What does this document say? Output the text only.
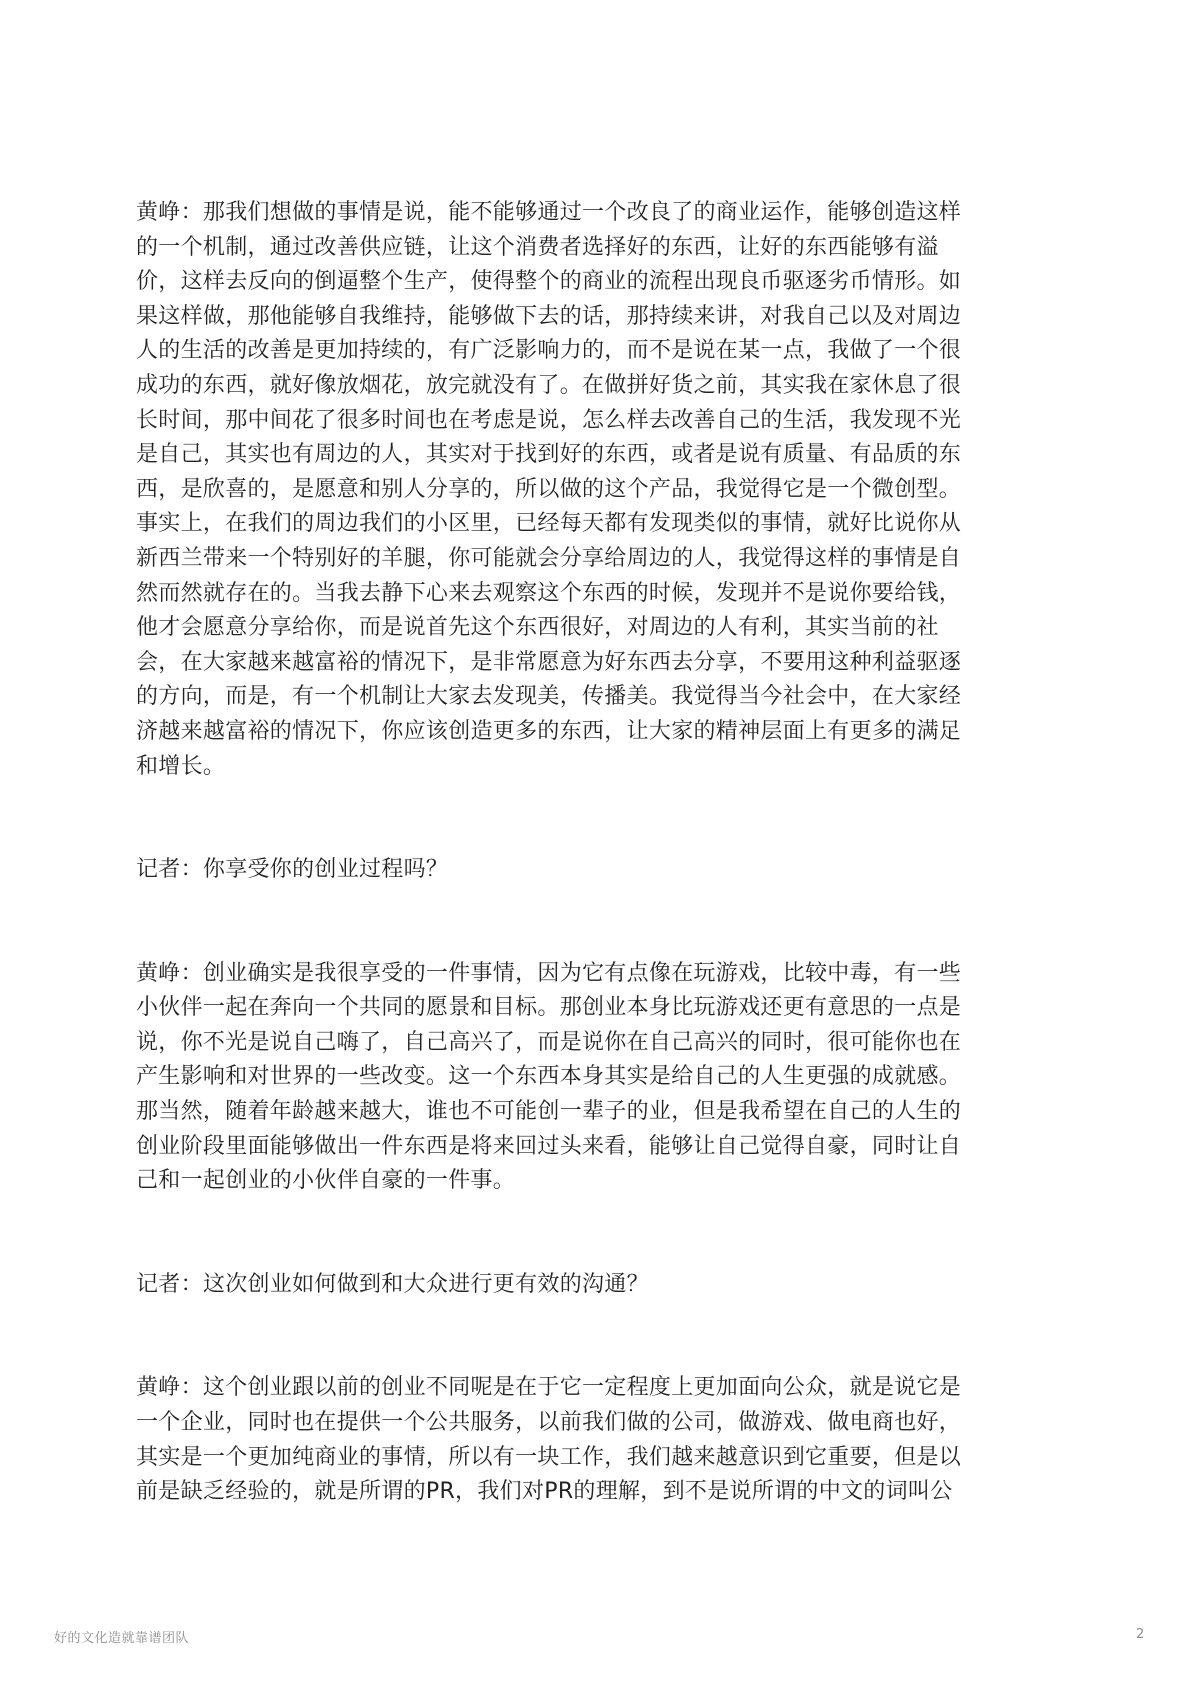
黄峥：那我们想做的事情是说，能不能够通过一个改良了的商业运作，能够创造这样
的一个机制，通过改善供应链，让这个消费者选择好的东西，让好的东西能够有溢
价，这样去反向的倒逼整个生产，使得整个的商业的流程出现良币驱逐劣币情形。如
果这样做，那他能够自我维持，能够做下去的话，那持续来讲，对我自己以及对周边
人的生活的改善是更加持续的，有广泛影响力的，而不是说在某一点，我做了一个很
成功的东西，就好像放烟花，放完就没有了。在做拼好货之前，其实我在家休息了很
长时间，那中间花了很多时间也在考虑是说，怎么样去改善自己的生活，我发现不光
是自己，其实也有周边的人，其实对于找到好的东西，或者是说有质量、有品质的东
西，是欣喜的，是愿意和别人分享的，所以做的这个产品，我觉得它是一个微创型。
事实上，在我们的周边我们的小区里，已经每天都有发现类似的事情，就好比说你从
新西兰带来一个特别好的羊腿，你可能就会分享给周边的人，我觉得这样的事情是自
然而然就存在的。当我去静下心来去观察这个东西的时候，发现并不是说你要给钱，
他才会愿意分享给你，而是说首先这个东西很好，对周边的人有利，其实当前的社
会，在大家越来越富裕的情况下，是非常愿意为好东西去分享，不要用这种利益驱逐
的方向，而是，有一个机制让大家去发现美，传播美。我觉得当今社会中，在大家经
济越来越富裕的情况下，你应该创造更多的东西，让大家的精神层面上有更多的满足
和增长。
记者：你享受你的创业过程吗？
黄峥：创业确实是我很享受的一件事情，因为它有点像在玩游戏，比较中毒，有一些
小伙伴一起在奔向一个共同的愿景和目标。那创业本身比玩游戏还更有意思的一点是
说，你不光是说自己嗨了，自己高兴了，而是说你在自己高兴的同时，很可能你也在
产生影响和对世界的一些改变。这一个东西本身其实是给自己的人生更强的成就感。
那当然，随着年龄越来越大，谁也不可能创一辈子的业，但是我希望在自己的人生的
创业阶段里面能够做出一件东西是将来回过头来看，能够让自己觉得自豪，同时让自
己和一起创业的小伙伴自豪的一件事。
记者：这次创业如何做到和大众进行更有效的沟通？
黄峥：这个创业跟以前的创业不同呢是在于它一定程度上更加面向公众，就是说它是
一个企业，同时也在提供一个公共服务，以前我们做的公司，做游戏、做电商也好，
其实是一个更加纯商业的事情，所以有一块工作，我们越来越意识到它重要，但是以
前是缺乏经验的，就是所谓的PR，我们对PR的理解，到不是说所谓的中文的词叫公
好的文化造就靠谱团队	2
